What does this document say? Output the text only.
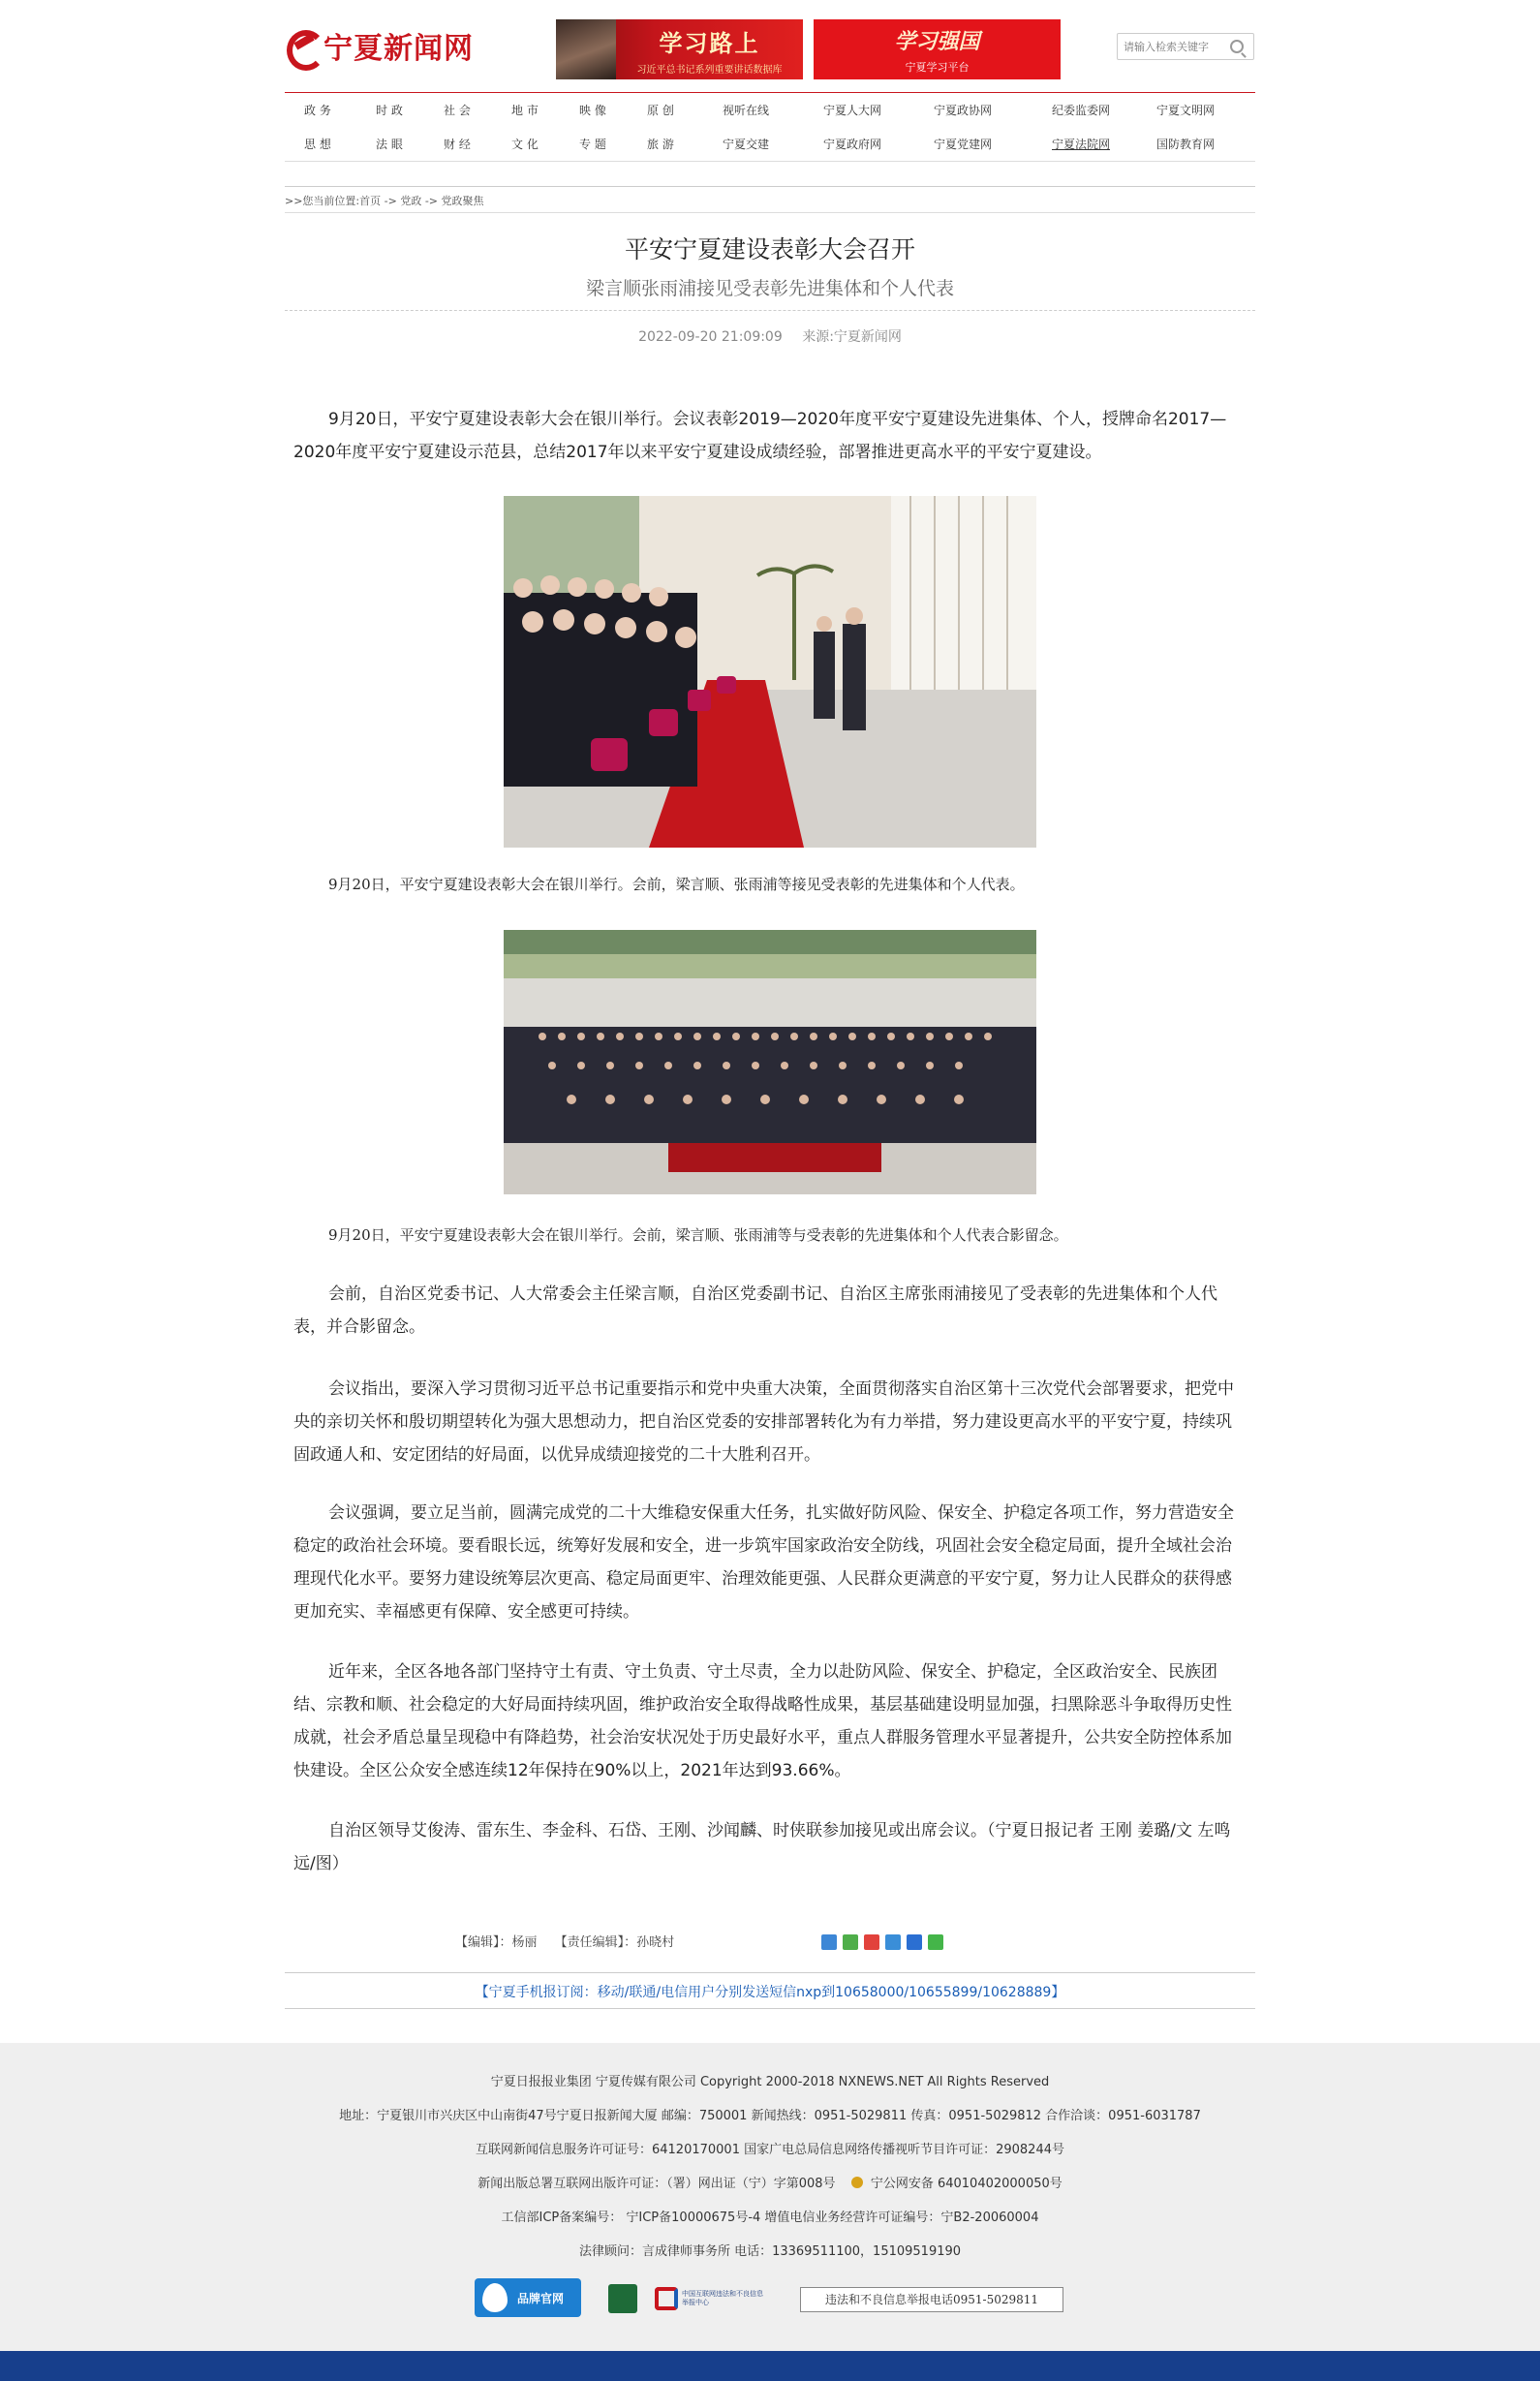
宁夏新闻网	学习路上
习近平总书记系列重要讲话数据库
学习强国
宁夏学习平台
请输入检索关键字
政 务	时 政	社 会	地 市	映 像	原 创	视听在线	宁夏人大网	宁夏政协网	纪委监委网	宁夏文明网
思 想	法 眼	财 经	文 化	专 题	旅 游	宁夏交建	宁夏政府网	宁夏党建网	宁夏法院网	国防教育网
>>您当前位置:首页 -> 党政 -> 党政聚焦
平安宁夏建设表彰大会召开
梁言顺张雨浦接见受表彰先进集体和个人代表
2022-09-20 21:09:09 来源:宁夏新闻网

9月20日，平安宁夏建设表彰大会在银川举行。会议表彰2019—2020年度平安宁夏建设先进集体、个人，授牌命名2017—2020年度平安宁夏建设示范县，总结2017年以来平安宁夏建设成绩经验，部署推进更高水平的平安宁夏建设。

9月20日，平安宁夏建设表彰大会在银川举行。会前，梁言顺、张雨浦等接见受表彰的先进集体和个人代表。

9月20日，平安宁夏建设表彰大会在银川举行。会前，梁言顺、张雨浦等与受表彰的先进集体和个人代表合影留念。

会前，自治区党委书记、人大常委会主任梁言顺，自治区党委副书记、自治区主席张雨浦接见了受表彰的先进集体和个人代表，并合影留念。

会议指出，要深入学习贯彻习近平总书记重要指示和党中央重大决策，全面贯彻落实自治区第十三次党代会部署要求，把党中央的亲切关怀和殷切期望转化为强大思想动力，把自治区党委的安排部署转化为有力举措，努力建设更高水平的平安宁夏，持续巩固政通人和、安定团结的好局面，以优异成绩迎接党的二十大胜利召开。

会议强调，要立足当前，圆满完成党的二十大维稳安保重大任务，扎实做好防风险、保安全、护稳定各项工作，努力营造安全稳定的政治社会环境。要看眼长远，统筹好发展和安全，进一步筑牢国家政治安全防线，巩固社会安全稳定局面，提升全域社会治理现代化水平。要努力建设统筹层次更高、稳定局面更牢、治理效能更强、人民群众更满意的平安宁夏，努力让人民群众的获得感更加充实、幸福感更有保障、安全感更可持续。

近年来，全区各地各部门坚持守土有责、守土负责、守土尽责，全力以赴防风险、保安全、护稳定，全区政治安全、民族团结、宗教和顺、社会稳定的大好局面持续巩固，维护政治安全取得战略性成果，基层基础建设明显加强，扫黑除恶斗争取得历史性成就，社会矛盾总量呈现稳中有降趋势，社会治安状况处于历史最好水平，重点人群服务管理水平显著提升，公共安全防控体系加快建设。全区公众安全感连续12年保持在90%以上，2021年达到93.66%。

自治区领导艾俊涛、雷东生、李金科、石岱、王刚、沙闻麟、时侠联参加接见或出席会议。（宁夏日报记者 王刚 姜璐/文 左鸣远/图）

【编辑】：杨丽 【责任编辑】：孙晓村
【宁夏手机报订阅：移动/联通/电信用户分别发送短信nxp到10658000/10655899/10628889】
宁夏日报报业集团 宁夏传媒有限公司 Copyright 2000-2018 NXNEWS.NET All Rights Reserved
地址：宁夏银川市兴庆区中山南街47号宁夏日报新闻大厦 邮编：750001 新闻热线：0951-5029811 传真：0951-5029812 合作洽谈：0951-6031787
互联网新闻信息服务许可证号：64120170001 国家广电总局信息网络传播视听节目许可证：2908244号
新闻出版总署互联网出版许可证：（署）网出证（宁）字第008号	宁公网安备 64010402000050号
工信部ICP备案编号： 宁ICP备10000675号-4 增值电信业务经营许可证编号：宁B2-20060004
法律顾问：言成律师事务所 电话：13369511100，15109519190
品牌官网	中国互联网违法和不良信息举报中心	违法和不良信息举报电话0951-5029811
